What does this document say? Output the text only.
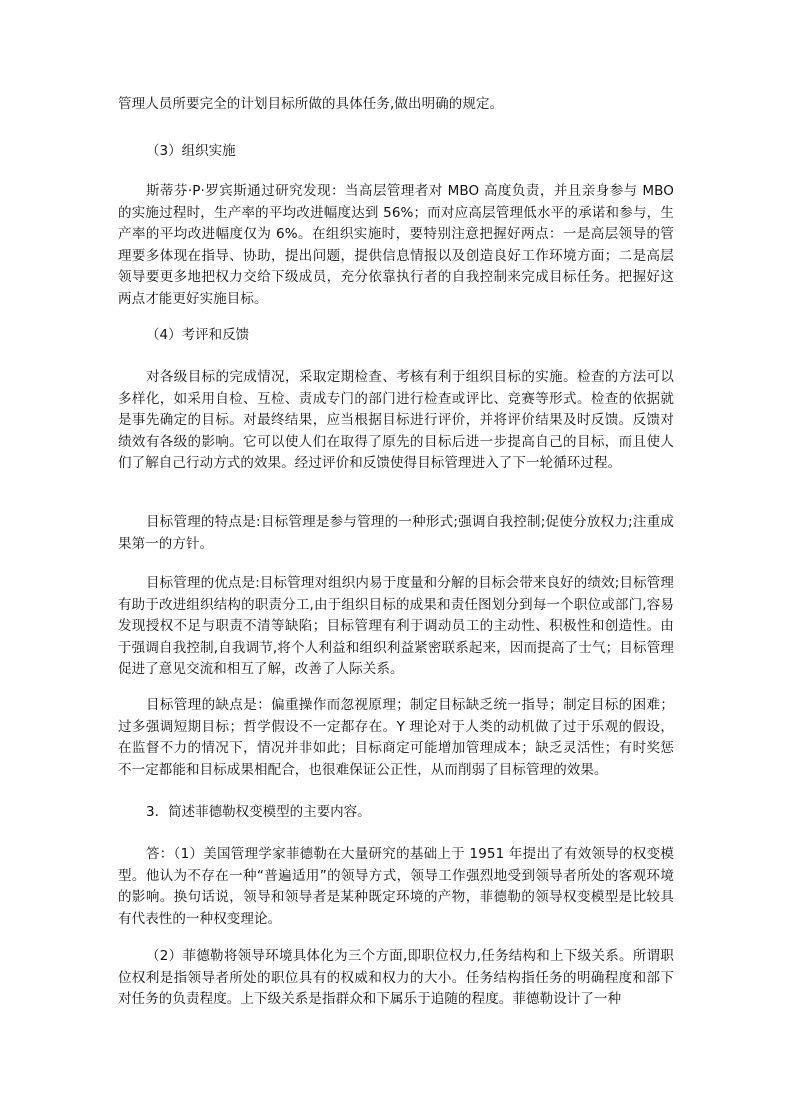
管理人员所要完全的计划目标所做的具体任务,做出明确的规定。

（3）组织实施

斯蒂芬·P·罗宾斯通过研究发现：当高层管理者对 MBO 高度负责，并且亲身参与 MBO 的实施过程时，生产率的平均改进幅度达到 56%；而对应高层管理低水平的承诺和参与，生产率的平均改进幅度仅为 6%。在组织实施时，要特别注意把握好两点：一是高层领导的管理要多体现在指导、协助，提出问题，提供信息情报以及创造良好工作环境方面；二是高层领导要更多地把权力交给下级成员，充分依靠执行者的自我控制来完成目标任务。把握好这两点才能更好实施目标。

（4）考评和反馈

对各级目标的完成情况，采取定期检查、考核有利于组织目标的实施。检查的方法可以多样化，如采用自检、互检、责成专门的部门进行检查或评比、竞赛等形式。检查的依据就是事先确定的目标。对最终结果，应当根据目标进行评价，并将评价结果及时反馈。反馈对绩效有各级的影响。它可以使人们在取得了原先的目标后进一步提高自己的目标，而且使人们了解自己行动方式的效果。经过评价和反馈使得目标管理进入了下一轮循环过程。

目标管理的特点是:目标管理是参与管理的一种形式;强调自我控制;促使分放权力;注重成果第一的方针。

目标管理的优点是:目标管理对组织内易于度量和分解的目标会带来良好的绩效;目标管理有助于改进组织结构的职责分工,由于组织目标的成果和责任图划分到每一个职位或部门,容易发现授权不足与职责不清等缺陷；目标管理有利于调动员工的主动性、积极性和创造性。由于强调自我控制,自我调节,将个人利益和组织利益紧密联系起来，因而提高了士气；目标管理促进了意见交流和相互了解，改善了人际关系。

目标管理的缺点是：偏重操作而忽视原理；制定目标缺乏统一指导；制定目标的困难；过多强调短期目标；哲学假设不一定都存在。Y 理论对于人类的动机做了过于乐观的假设，在监督不力的情况下，情况并非如此；目标商定可能增加管理成本；缺乏灵活性；有时奖惩不一定都能和目标成果相配合，也很难保证公正性，从而削弱了目标管理的效果。

3．简述菲德勒权变模型的主要内容。

答：（1）美国管理学家菲德勒在大量研究的基础上于 1951 年提出了有效领导的权变模型。他认为不存在一种“普遍适用”的领导方式，领导工作强烈地受到领导者所处的客观环境的影响。换句话说，领导和领导者是某种既定环境的产物，菲德勒的领导权变模型是比较具有代表性的一种权变理论。

（2）菲德勒将领导环境具体化为三个方面,即职位权力,任务结构和上下级关系。所谓职位权利是指领导者所处的职位具有的权威和权力的大小。任务结构指任务的明确程度和部下对任务的负责程度。上下级关系是指群众和下属乐于追随的程度。菲德勒设计了一种
